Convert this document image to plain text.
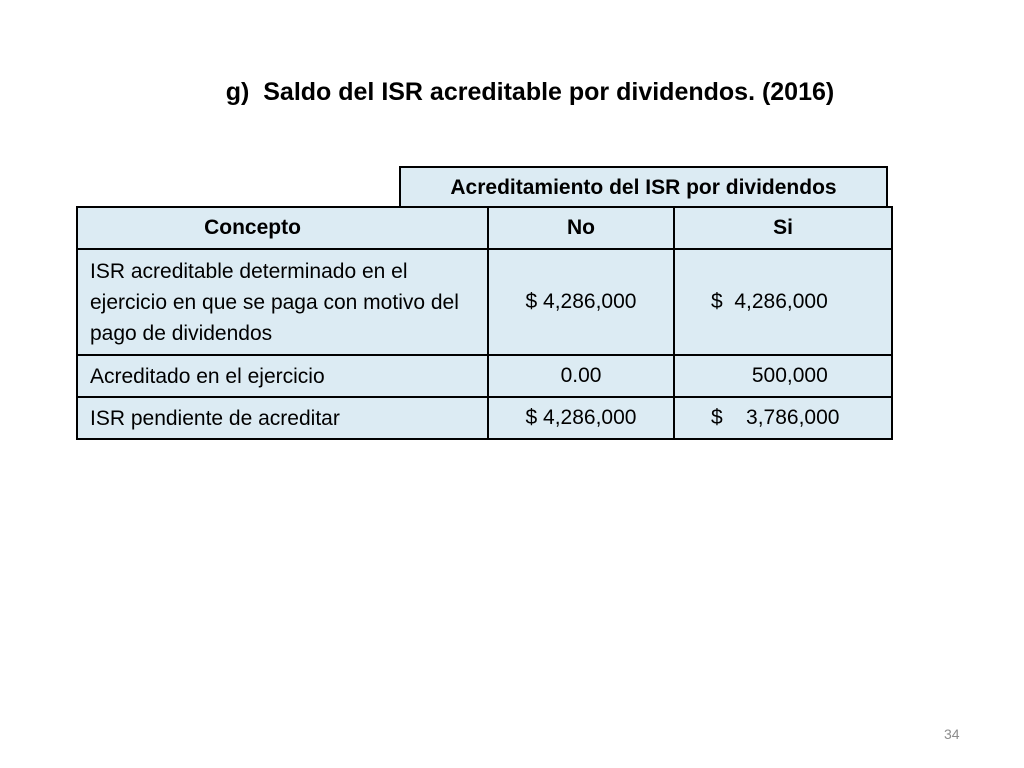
g)  Saldo del ISR acreditable por dividendos. (2016)
Acreditamiento del ISR por dividendos
Concepto	No	Si
ISR acreditable determinado en el ejercicio en que se paga con motivo del pago de dividendos	$ 4,286,000	$  4,286,000
Acreditado en el ejercicio	0.00	500,000
ISR pendiente de acreditar	$ 4,286,000	$    3,786,000
34
